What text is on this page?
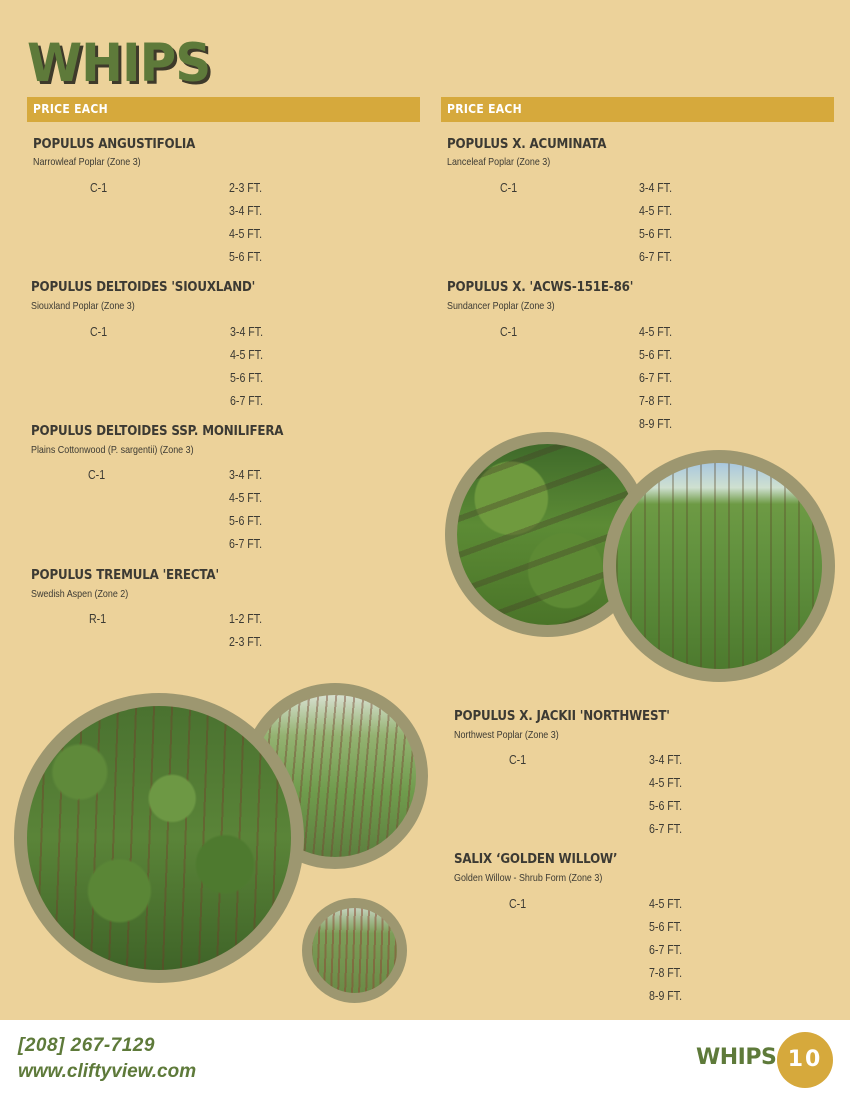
WHIPS
PRICE EACH	PRICE EACH
POPULUS ANGUSTIFOLIA
Narrowleaf Poplar (Zone 3)
C-1	2-3 FT.
3-4 FT.
4-5 FT.
5-6 FT.
POPULUS DELTOIDES 'SIOUXLAND'
Siouxland Poplar (Zone 3)
C-1	3-4 FT.
4-5 FT.
5-6 FT.
6-7 FT.
POPULUS DELTOIDES SSP. MONILIFERA
Plains Cottonwood (P. sargentii) (Zone 3)
C-1	3-4 FT.
4-5 FT.
5-6 FT.
6-7 FT.
POPULUS TREMULA 'ERECTA'
Swedish Aspen (Zone 2)
R-1	1-2 FT.
2-3 FT.
POPULUS X. ACUMINATA
Lanceleaf Poplar (Zone 3)
C-1	3-4 FT.
4-5 FT.
5-6 FT.
6-7 FT.
POPULUS X. 'ACWS-151E-86'
Sundancer Poplar (Zone 3)
C-1	4-5 FT.
5-6 FT.
6-7 FT.
7-8 FT.
8-9 FT.
POPULUS X. JACKII 'NORTHWEST'
Northwest Poplar (Zone 3)
C-1	3-4 FT.
4-5 FT.
5-6 FT.
6-7 FT.
SALIX ‘GOLDEN WILLOW’
Golden Willow - Shrub Form (Zone 3)
C-1	4-5 FT.
5-6 FT.
6-7 FT.
7-8 FT.
8-9 FT.
[208] 267-7129
www.cliftyview.com
WHIPS 10
